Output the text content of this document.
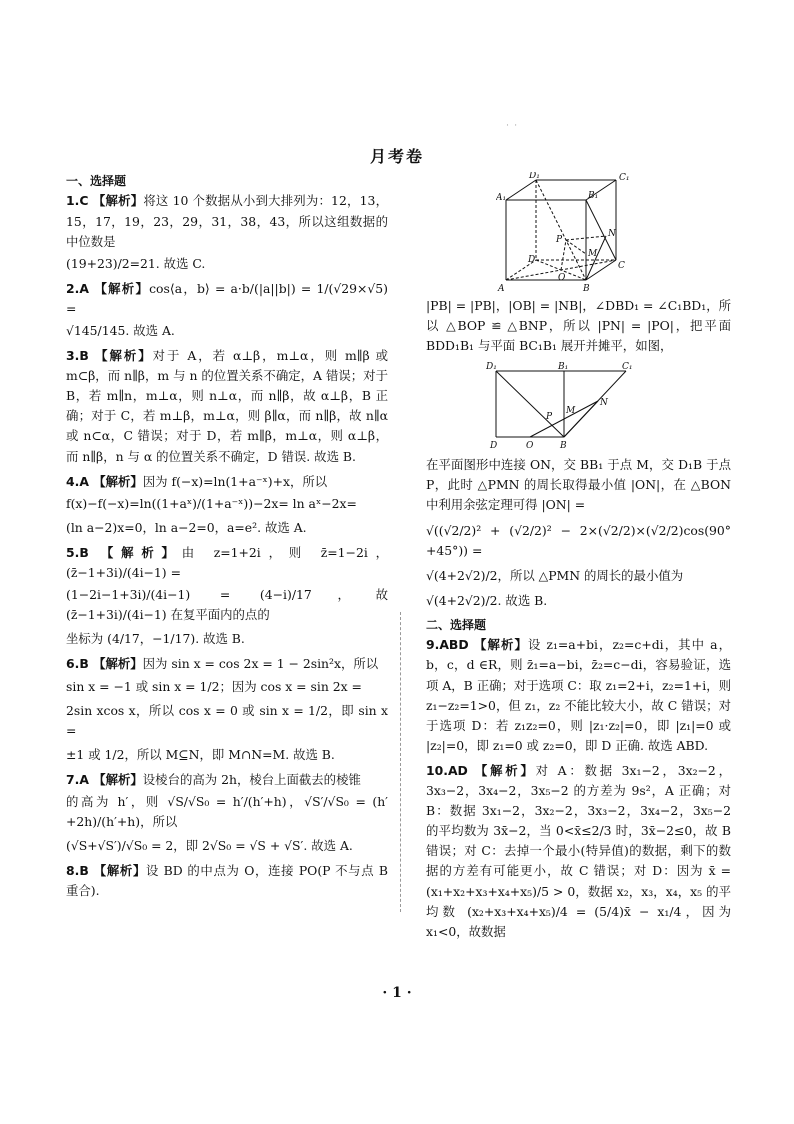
˙ ˙
月考卷

一、选择题

1.C 【解析】将这 10 个数据从小到大排列为：12，13，15，17，19，23，29，31，38，43，所以这组数据的中位数是
(19+23)/2=21. 故选 C.

2.A 【解析】cos⟨a，b⟩ = a·b/(|a||b|) = 1/(√29×√5) =
√145/145. 故选 A.

3.B 【解析】对于 A，若 α⊥β，m⊥α，则 m∥β 或 m⊂β，而 n∥β，m 与 n 的位置关系不确定，A 错误；对于 B，若 m∥n，m⊥α，则 n⊥α，而 n∥β，故 α⊥β，B 正确；对于 C，若 m⊥β，m⊥α，则 β∥α，而 n∥β，故 n∥α 或 n⊂α，C 错误；对于 D，若 m∥β，m⊥α，则 α⊥β，而 n∥β，n 与 α 的位置关系不确定，D 错误. 故选 B.

4.A 【解析】因为 f(−x)=ln(1+a⁻ˣ)+x，所以
f(x)−f(−x)=ln((1+aˣ)/(1+a⁻ˣ))−2x= ln aˣ−2x=
(ln a−2)x=0，ln a−2=0，a=e². 故选 A.

5.B 【解析】由 z=1+2i，则 z̄=1−2i，(z̄−1+3i)/(4i−1) =
(1−2i−1+3i)/(4i−1) = (4−i)/17，故 (z̄−1+3i)/(4i−1) 在复平面内的点的
坐标为 (4/17，−1/17). 故选 B.

6.B 【解析】因为 sin x = cos 2x = 1 − 2sin²x，所以
sin x = −1 或 sin x = 1/2；因为 cos x = sin 2x =
2sin xcos x，所以 cos x = 0 或 sin x = 1/2，即 sin x =
±1 或 1/2，所以 M⊆N，即 M∩N=M. 故选 B.

7.A 【解析】设棱台的高为 2h，棱台上面截去的棱锥
的高为 h′，则 √S/√S₀ = h′/(h′+h)，√S′/√S₀ = (h′+2h)/(h′+h)，所以
(√S+√S′)/√S₀ = 2，即 2√S₀ = √S + √S′. 故选 A.

8.B 【解析】设 BD 的中点为 O，连接 PO(P 不与点 B 重合).

D₁	C₁
A₁	B₁
P
N
M
D
O
C
A	B

|PB| = |PB|，|OB| = |NB|，∠DBD₁ = ∠C₁BD₁，所以 △BOP ≌ △BNP，所以 |PN| = |PO|，把平面 BDD₁B₁ 与平面 BC₁B₁ 展开并摊平，如图，

D₁	B₁	C₁
P
M
N
D	O	B

在平面图形中连接 ON，交 BB₁ 于点 M，交 D₁B 于点 P，此时 △PMN 的周长取得最小值 |ON|，在 △BON 中利用余弦定理可得 |ON| =

√((√2/2)² + (√2/2)² − 2×(√2/2)×(√2/2)cos(90°+45°)) =

√(4+2√2)/2，所以 △PMN 的周长的最小值为

√(4+2√2)/2. 故选 B.

二、选择题

9.ABD 【解析】设 z₁=a+bi，z₂=c+di，其中 a，b，c，d ∈R，则 z̄₁=a−bi，z̄₂=c−di，容易验证，选项 A，B 正确；对于选项 C：取 z₁=2+i，z₂=1+i，则 z₁−z₂=1>0，但 z₁，z₂ 不能比较大小，故 C 错误；对于选项 D：若 z₁z₂=0，则 |z₁·z₂|=0，即 |z₁|=0 或 |z₂|=0，即 z₁=0 或 z₂=0，即 D 正确. 故选 ABD.

10.AD 【解析】对 A：数据 3x₁−2，3x₂−2，3x₃−2，3x₄−2，3x₅−2 的方差为 9s²，A 正确；对 B：数据 3x₁−2，3x₂−2，3x₃−2，3x₄−2，3x₅−2 的平均数为 3x̄−2，当 0<x̄≤2/3 时，3x̄−2≤0，故 B 错误；对 C：去掉一个最小(特异值)的数据，剩下的数据的方差有可能更小，故 C 错误；对 D：因为 x̄ = (x₁+x₂+x₃+x₄+x₅)/5 > 0，数据 x₂，x₃，x₄，x₅ 的平均数 (x₂+x₃+x₄+x₅)/4 = (5/4)x̄ − x₁/4，因为 x₁<0，故数据

· 1 ·
